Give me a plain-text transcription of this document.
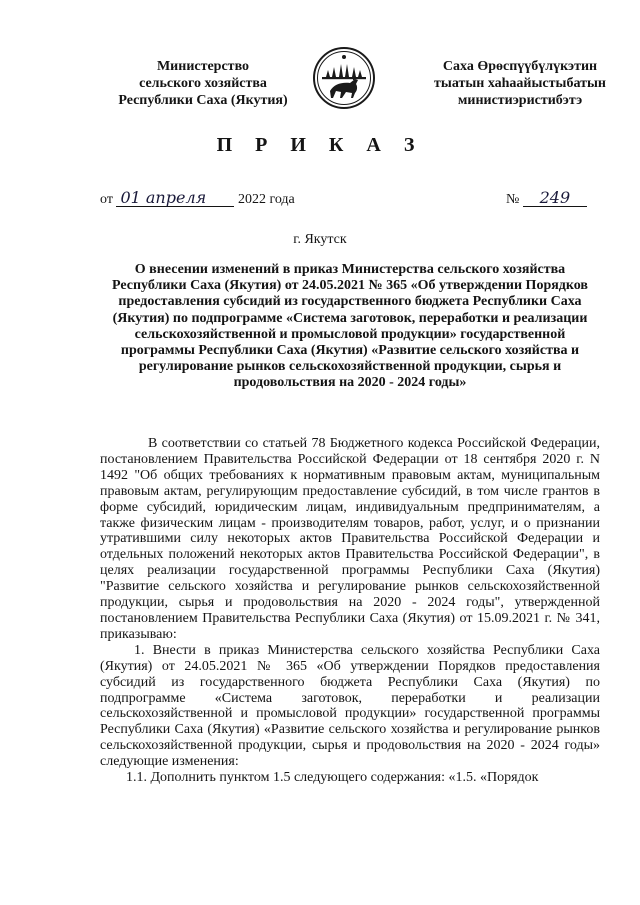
Министерство
сельского хозяйства
Республики Саха (Якутия)
Саха Өрөспүүбүлүкэтин
тыатын хаһаайыстыбатын
министиэристибэтэ
П Р И К А З
от 01 апреля 2022 года	№ 249
г. Якутск
О внесении изменений в приказ Министерства сельского хозяйства Республики Саха (Якутия) от 24.05.2021 № 365 «Об утверждении Порядков предоставления субсидий из государственного бюджета Республики Саха (Якутия) по подпрограмме «Система заготовок, переработки и реализации сельскохозяйственной и промысловой продукции» государственной программы Республики Саха (Якутия) «Развитие сельского хозяйства и регулирование рынков сельскохозяйственной продукции, сырья и продовольствия на 2020 - 2024 годы»

В соответствии со статьей 78 Бюджетного кодекса Российской Федерации, постановлением Правительства Российской Федерации от 18 сентября 2020 г. N 1492 "Об общих требованиях к нормативным правовым актам, муниципальным правовым актам, регулирующим предоставление субсидий, в том числе грантов в форме субсидий, юридическим лицам, индивидуальным предпринимателям, а также физическим лицам - производителям товаров, работ, услуг, и о признании утратившими силу некоторых актов Правительства Российской Федерации и отдельных положений некоторых актов Правительства Российской Федерации", в целях реализации государственной программы Республики Саха (Якутия) "Развитие сельского хозяйства и регулирование рынков сельскохозяйственной продукции, сырья и продовольствия на 2020 - 2024 годы", утвержденной постановлением Правительства Республики Саха (Якутия) от 15.09.2021 г. № 341, приказываю:

1. Внести в приказ Министерства сельского хозяйства Республики Саха (Якутия) от 24.05.2021 № 365 «Об утверждении Порядков предоставления субсидий из государственного бюджета Республики Саха (Якутия) по подпрограмме «Система заготовок, переработки и реализации сельскохозяйственной и промысловой продукции» государственной программы Республики Саха (Якутия) «Развитие сельского хозяйства и регулирование рынков сельскохозяйственной продукции, сырья и продовольствия на 2020 - 2024 годы» следующие изменения:

1.1. Дополнить пунктом 1.5 следующего содержания: «1.5. «Порядок
